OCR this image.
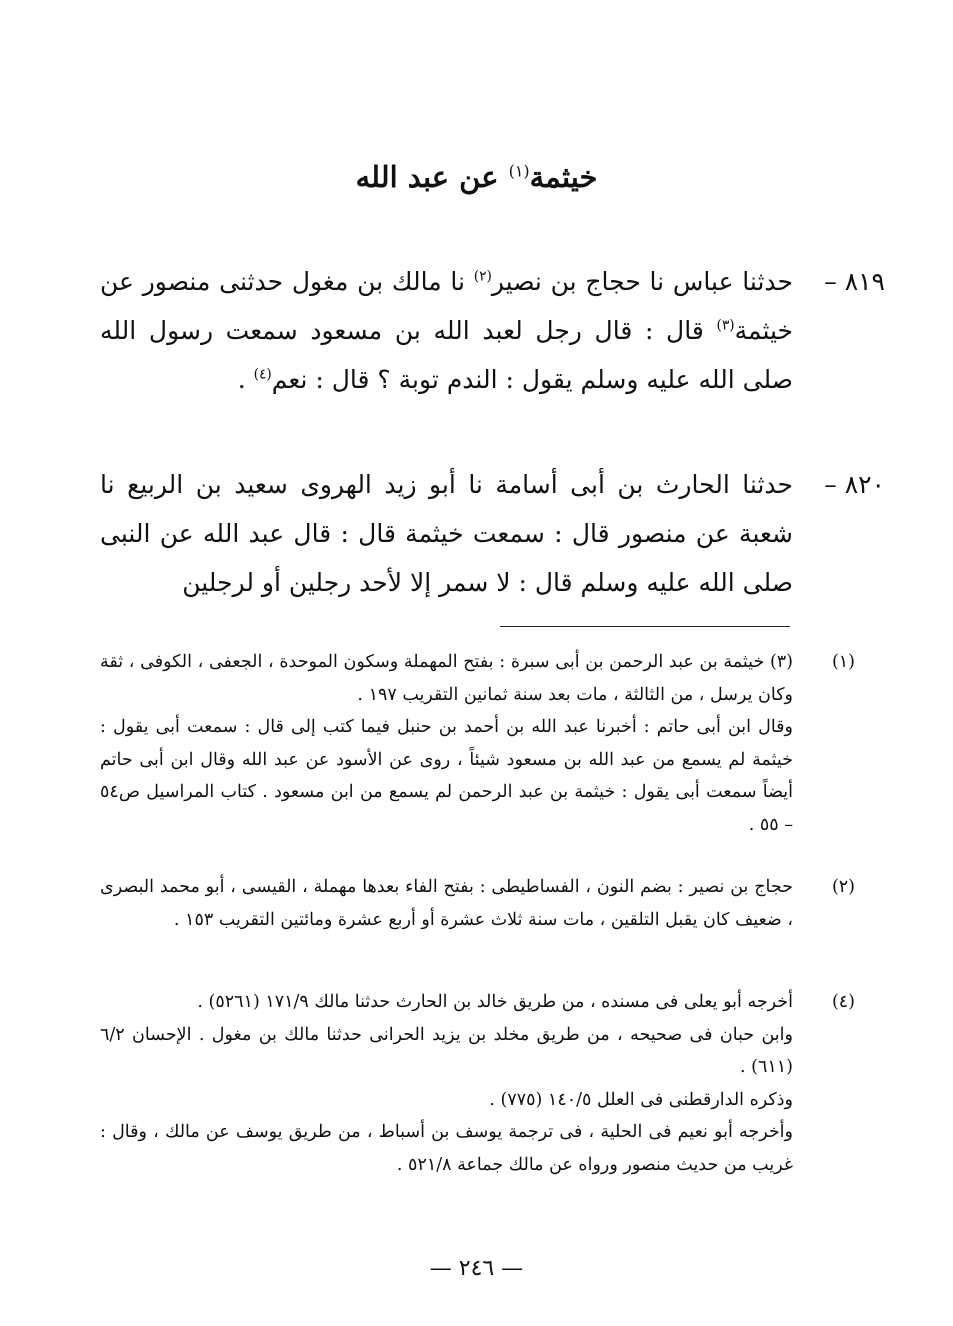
خيثمة$^{(١)}$ عن عبد الله
٨١٩ –
حدثنا عباس نا حجاج بن نصير$^{(٢)}$ نا مالك بن مغول حدثنى منصور عن خيثمة$^{(٣)}$ قال : قال رجل لعبد الله بن مسعود سمعت رسول الله صلى الله عليه وسلم يقول : الندم توبة ؟ قال : نعم$^{(٤)}$ .
٨٢٠ –
حدثنا الحارث بن أبى أسامة نا أبو زيد الهروى سعيد بن الربيع نا شعبة عن منصور قال : سمعت خيثمة قال : قال عبد الله عن النبى صلى الله عليه وسلم قال : لا سمر إلا لأحد رجلين أو لرجلين
(١)

(٣) خيثمة بن عبد الرحمن بن أبى سبرة : بفتح المهملة وسكون الموحدة ، الجعفى ، الكوفى ، ثقة وكان يرسل ، من الثالثة ، مات بعد سنة ثمانين التقريب ١٩٧ .

وقال ابن أبى حاتم : أخبرنا عبد الله بن أحمد بن حنبل فيما كتب إلى قال : سمعت أبى يقول : خيثمة لم يسمع من عبد الله بن مسعود شيئاً ، روى عن الأسود عن عبد الله وقال ابن أبى حاتم أيضاً سمعت أبى يقول : خيثمة بن عبد الرحمن لم يسمع من ابن مسعود . كتاب المراسيل ص٥٤ – ٥٥ .

(٢)

حجاج بن نصير : بضم النون ، الفساطيطى : بفتح الفاء بعدها مهملة ، القيسى ، أبو محمد البصرى ، ضعيف كان يقبل التلقين ، مات سنة ثلاث عشرة أو أربع عشرة ومائتين التقريب ١٥٣ .

(٤)

أخرجه أبو يعلى فى مسنده ، من طريق خالد بن الحارث حدثنا مالك ١٧١/٩ (٥٢٦١) .

وابن حبان فى صحيحه ، من طريق مخلد بن يزيد الحرانى حدثنا مالك بن مغول . الإحسان ٦/٢ (٦١١) .

وذكره الدارقطنى فى العلل ١٤٠/٥ (٧٧٥) .

وأخرجه أبو نعيم فى الحلية ، فى ترجمة يوسف بن أسباط ، من طريق يوسف عن مالك ، وقال : غريب من حديث منصور ورواه عن مالك جماعة ٥٢١/٨ .

— ٢٤٦ —
